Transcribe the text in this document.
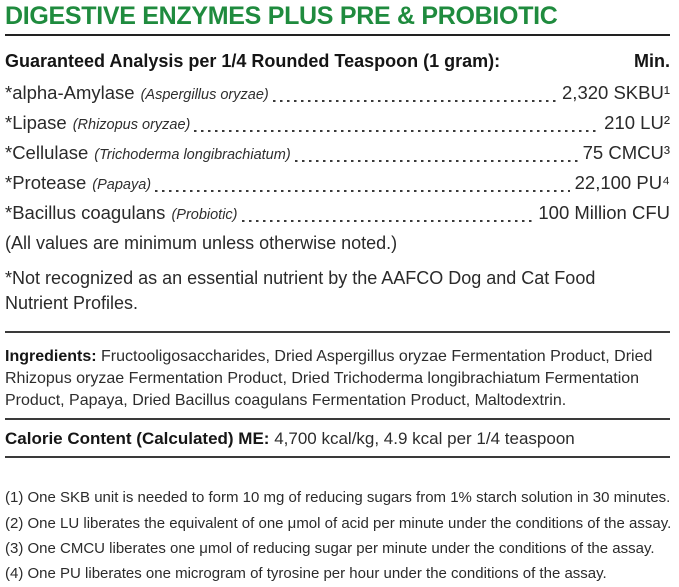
DIGESTIVE ENZYMES PLUS PRE & PROBIOTIC
Guaranteed Analysis per 1/4 Rounded Teaspoon (1 gram):	Min.
*alpha-Amylase (Aspergillus oryzae)	2,320 SKBU¹
*Lipase (Rhizopus oryzae)	210 LU²
*Cellulase (Trichoderma longibrachiatum)	75 CMCU³
*Protease (Papaya)	22,100 PU⁴
*Bacillus coagulans (Probiotic)	100 Million CFU

(All values are minimum unless otherwise noted.)

*Not recognized as an essential nutrient by the AAFCO Dog and Cat Food Nutrient Profiles.

Ingredients: Fructooligosaccharides, Dried Aspergillus oryzae Fermentation Product, Dried Rhizopus oryzae Fermentation Product, Dried Trichoderma longibrachiatum Fermentation Product, Papaya, Dried Bacillus coagulans Fermentation Product, Maltodextrin.

Calorie Content (Calculated) ME: 4,700 kcal/kg, 4.9 kcal per 1/4 teaspoon

(1) One SKB unit is needed to form 10 mg of reducing sugars from 1% starch solution in 30 minutes.
(2) One LU liberates the equivalent of one μmol of acid per minute under the conditions of the assay.
(3) One CMCU liberates one μmol of reducing sugar per minute under the conditions of the assay.
(4) One PU liberates one microgram of tyrosine per hour under the conditions of the assay.
